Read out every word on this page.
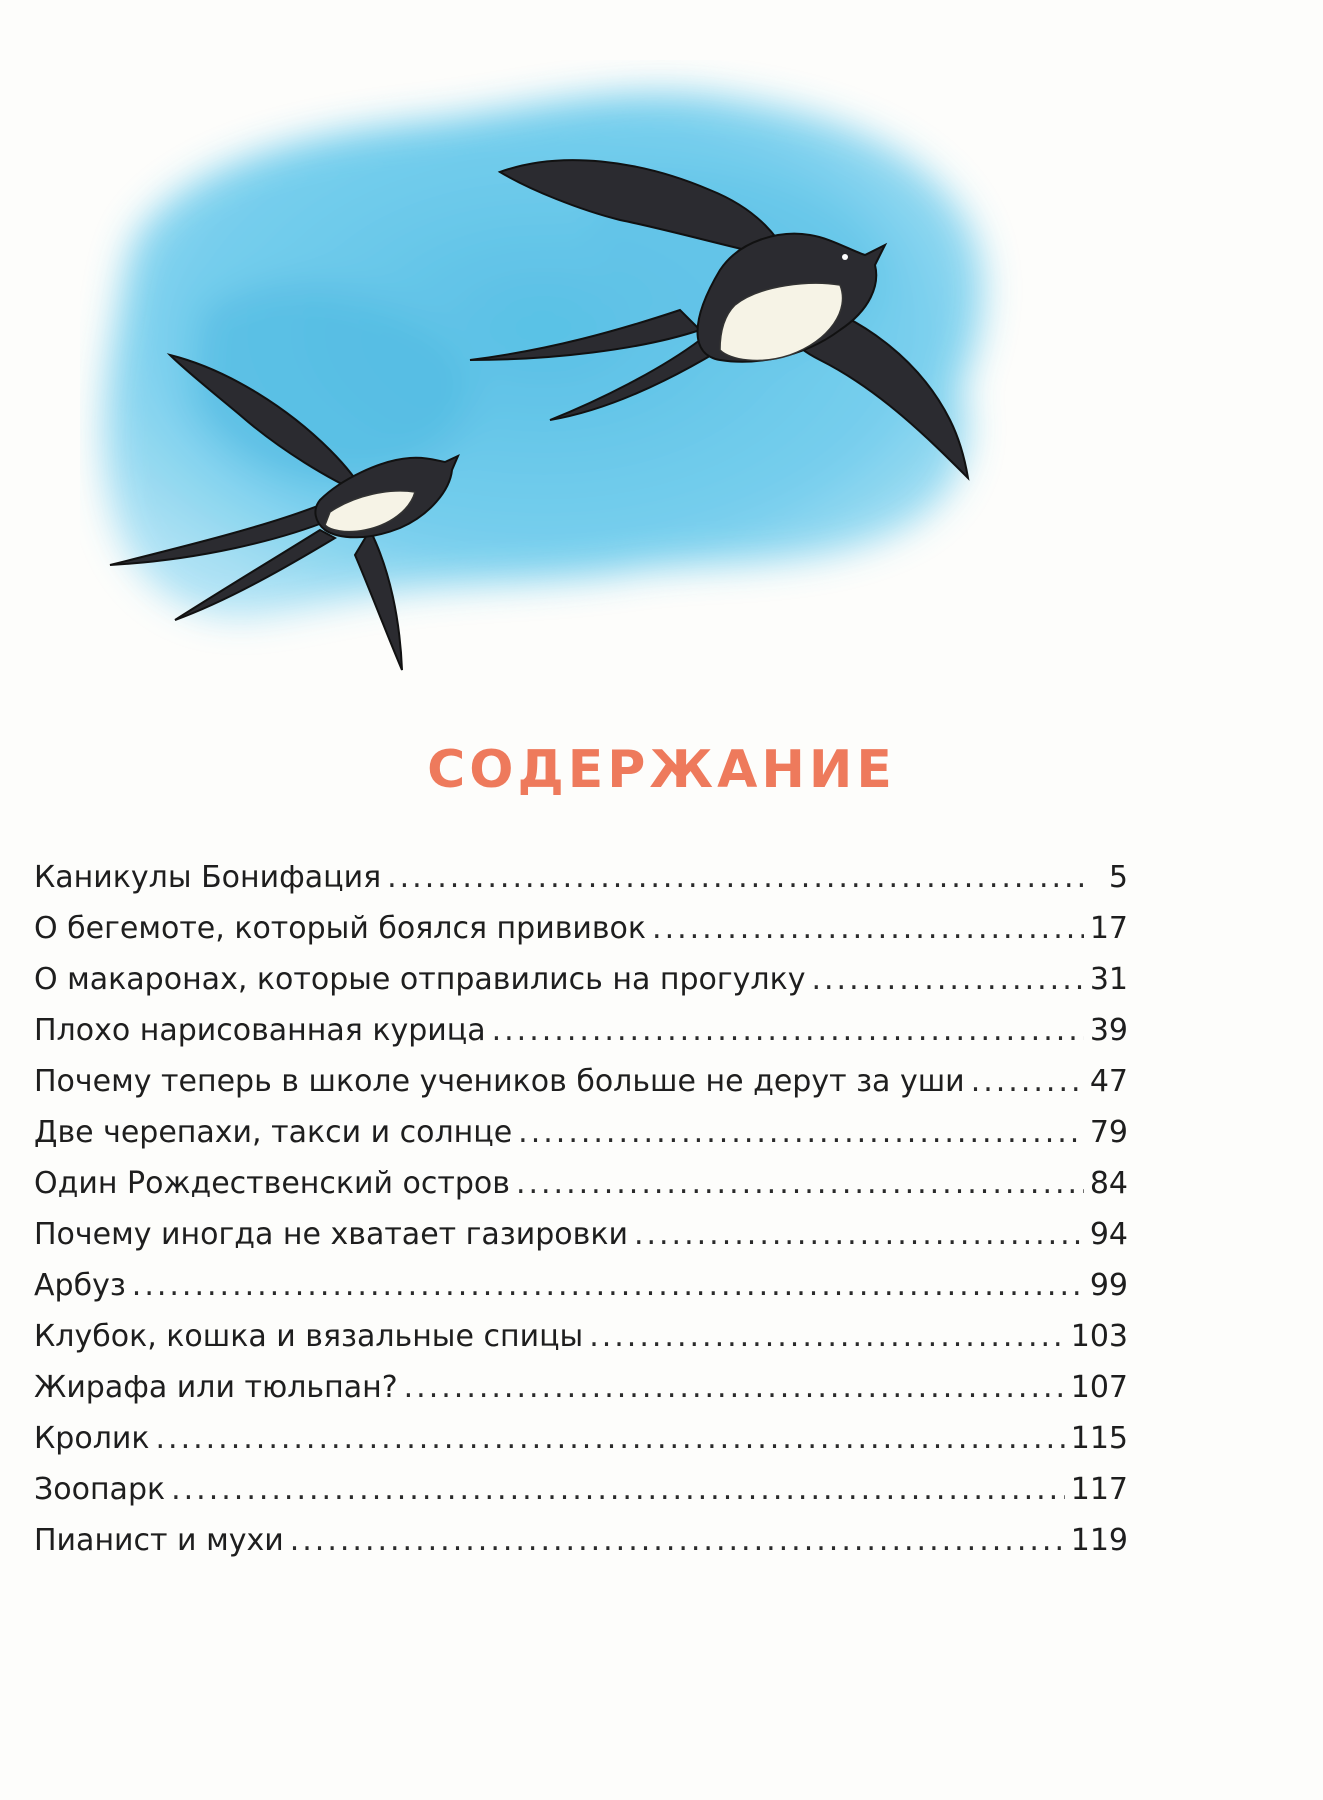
СОДЕРЖАНИЕ
Каникулы Бонифация .....	5
О бегемоте, который боялся прививок .....	17
О макаронах, которые отправились на прогулку .....	31
Плохо нарисованная курица .....	39
Почему теперь в школе учеников больше не дерут за уши .....	47
Две черепахи, такси и солнце .....	79
Один Рождественский остров .....	84
Почему иногда не хватает газировки .....	94
Арбуз .....	99
Клубок, кошка и вязальные спицы .....	103
Жирафа или тюльпан? .....	107
Кролик .....	115
Зоопарк .....	117
Пианист и мухи .....	119
